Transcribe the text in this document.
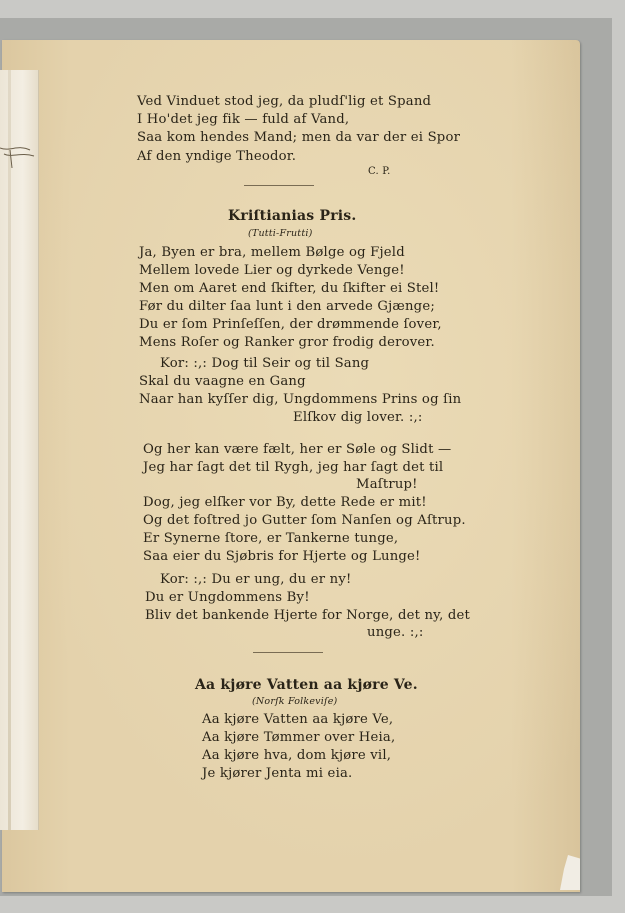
Ved Vinduet stod jeg, da pludſ'lig et Spand
I Ho'det jeg fik — fuld af Vand,
Saa kom hendes Mand; men da var der ei Spor
Af den yndige Theodor.
C. P.
Kriſtianias Pris.
(Tutti-Frutti)
Ja, Byen er bra, mellem Bølge og Fjeld
Mellem lovede Lier og dyrkede Venge!
Men om Aaret end ſkifter, du ſkifter ei Stel!
Før du dilter ſaa lunt i den arvede Gjænge;
Du er ſom Prinſeſſen, der drømmende ſover,
Mens Roſer og Ranker gror frodig derover.
Kor: :,: Dog til Seir og til Sang
Skal du vaagne en Gang
Naar han kyſſer dig, Ungdommens Prins og ſin
Elſkov dig lover. :,:
Og her kan være fælt, her er Søle og Slidt —
Jeg har ſagt det til Rygh, jeg har ſagt det til
Maſtrup!
Dog, jeg elſker vor By, dette Rede er mit!
Og det foſtred jo Gutter ſom Nanſen og Aſtrup.
Er Synerne ſtore, er Tankerne tunge,
Saa eier du Sjøbris for Hjerte og Lunge!
Kor: :,: Du er ung, du er ny!
Du er Ungdommens By!
Bliv det bankende Hjerte for Norge, det ny, det
unge. :,:
Aa kjøre Vatten aa kjøre Ve.
(Norſk Folkeviſe)
Aa kjøre Vatten aa kjøre Ve,
Aa kjøre Tømmer over Heia,
Aa kjøre hva, dom kjøre vil,
Je kjører Jenta mi eia.
